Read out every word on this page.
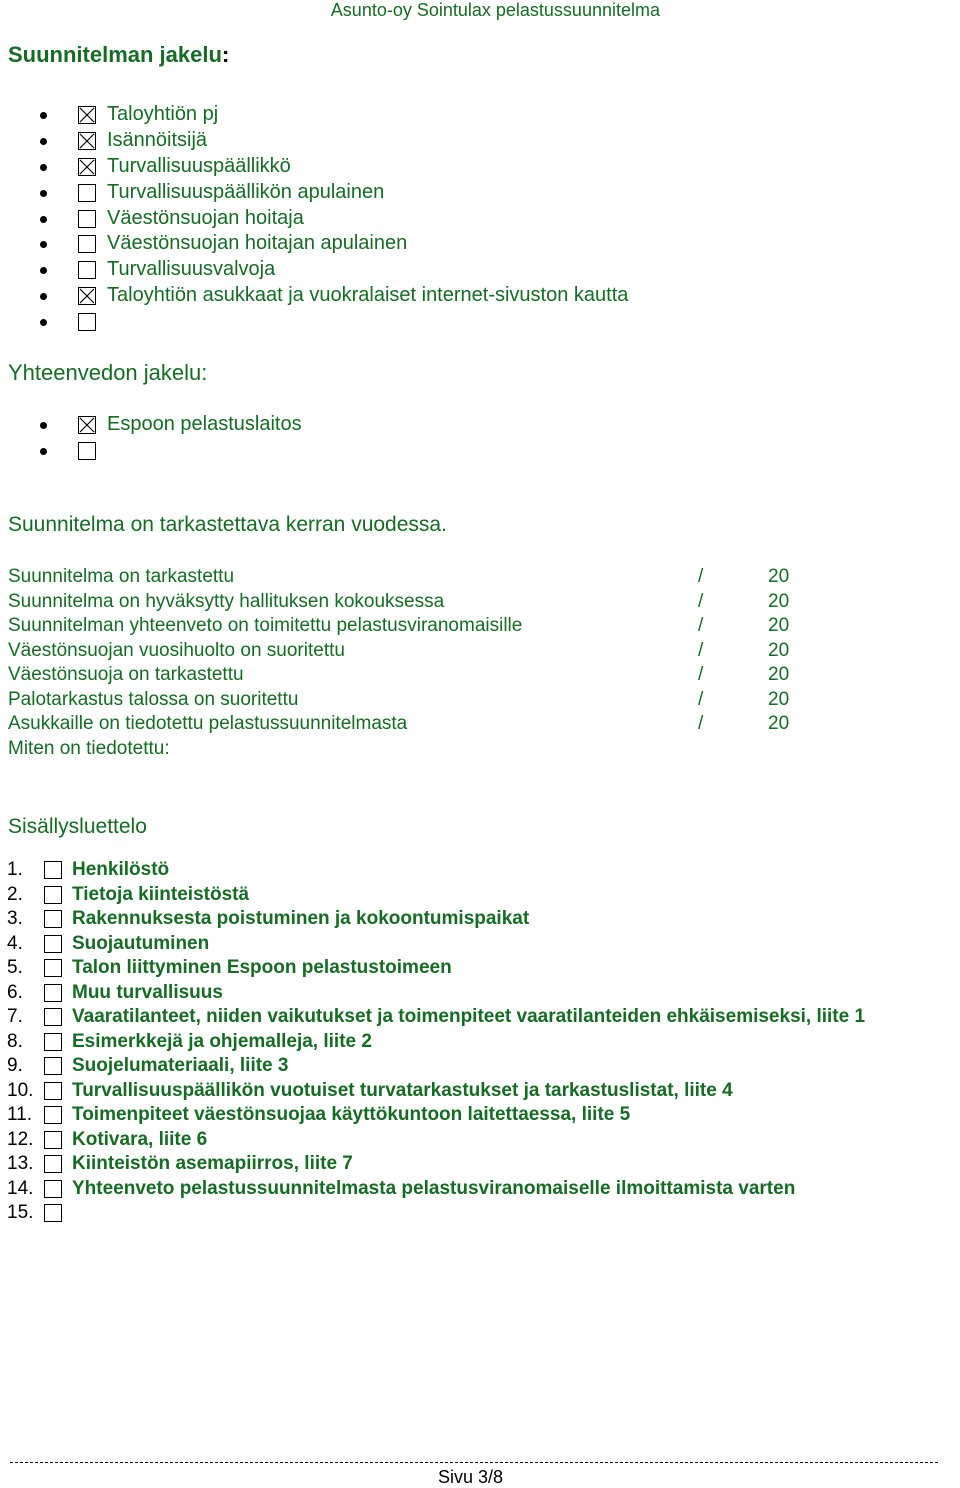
Asunto-oy Sointulax pelastussuunnitelma
Suunnitelman jakelu:
Taloyhtiön pj
Isännöitsijä
Turvallisuuspäällikkö
Turvallisuuspäällikön apulainen
Väestönsuojan hoitaja
Väestönsuojan hoitajan apulainen
Turvallisuusvalvoja
Taloyhtiön asukkaat ja vuokralaiset internet-sivuston kautta
Yhteenvedon jakelu:
Espoon pelastuslaitos
Suunnitelma on tarkastettava kerran vuodessa.
Suunnitelma on tarkastettu	/	20
Suunnitelma on hyväksytty hallituksen kokouksessa	/	20
Suunnitelman yhteenveto on toimitettu pelastusviranomaisille	/	20
Väestönsuojan vuosihuolto on suoritettu	/	20
Väestönsuoja on tarkastettu	/	20
Palotarkastus talossa on suoritettu	/	20
Asukkaille on tiedotettu pelastussuunnitelmasta	/	20
Miten on tiedotettu:
Sisällysluettelo
1.	Henkilöstö
2.	Tietoja kiinteistöstä
3.	Rakennuksesta poistuminen ja kokoontumispaikat
4.	Suojautuminen
5.	Talon liittyminen Espoon pelastustoimeen
6.	Muu turvallisuus
7.	Vaaratilanteet, niiden vaikutukset ja toimenpiteet vaaratilanteiden ehkäisemiseksi, liite 1
8.	Esimerkkejä ja ohjemalleja, liite 2
9.	Suojelumateriaali, liite 3
10. Turvallisuuspäällikön vuotuiset turvatarkastukset ja tarkastuslistat, liite 4
11. Toimenpiteet väestönsuojaa käyttökuntoon laitettaessa, liite 5
12. Kotivara, liite 6
13. Kiinteistön asemapiirros, liite 7
14. Yhteenveto pelastussuunnitelmasta pelastusviranomaiselle ilmoittamista varten
15.
Sivu 3/8
